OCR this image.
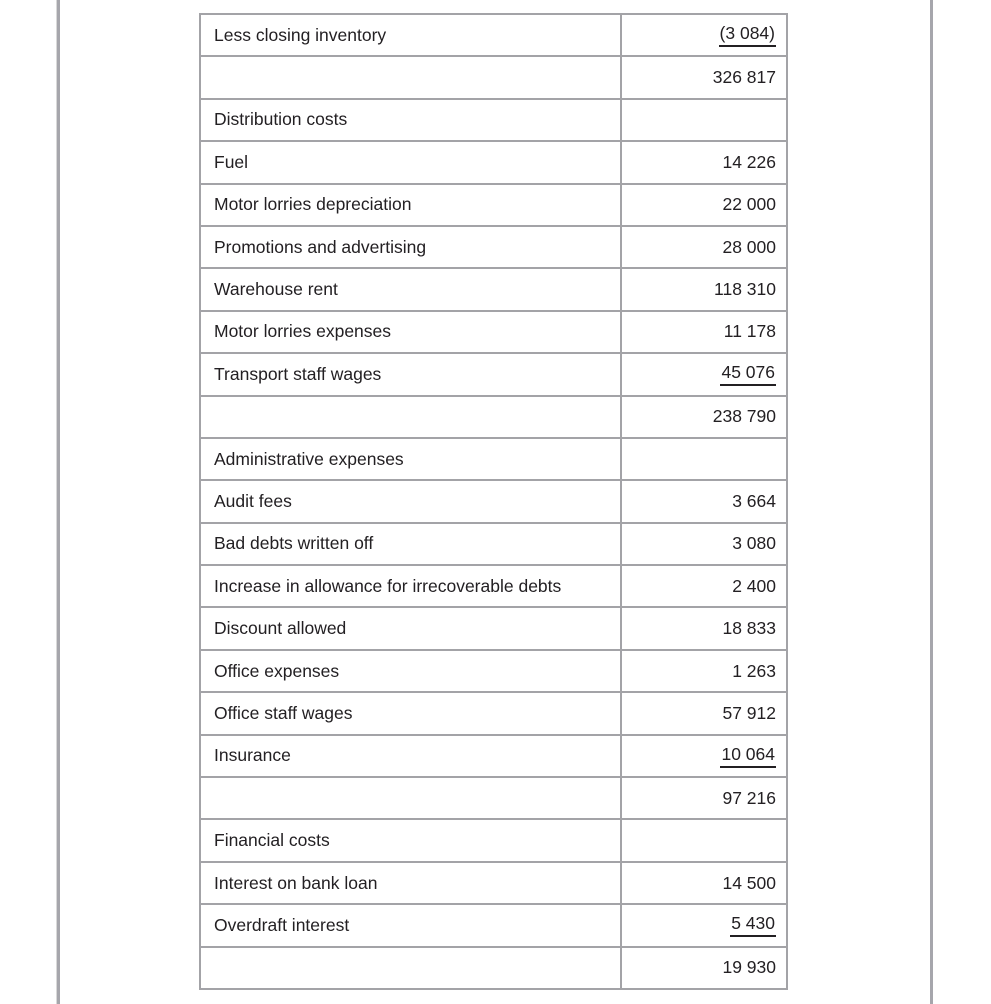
Less closing inventory	(3 084)
	326 817
Distribution costs	
Fuel	14 226
Motor lorries depreciation	22 000
Promotions and advertising	28 000
Warehouse rent	118 310
Motor lorries expenses	11 178
Transport staff wages	45 076
	238 790
Administrative expenses	
Audit fees	3 664
Bad debts written off	3 080
Increase in allowance for irrecoverable debts	2 400
Discount allowed	18 833
Office expenses	1 263
Office staff wages	57 912
Insurance	10 064
	97 216
Financial costs	
Interest on bank loan	14 500
Overdraft interest	5 430
	19 930
